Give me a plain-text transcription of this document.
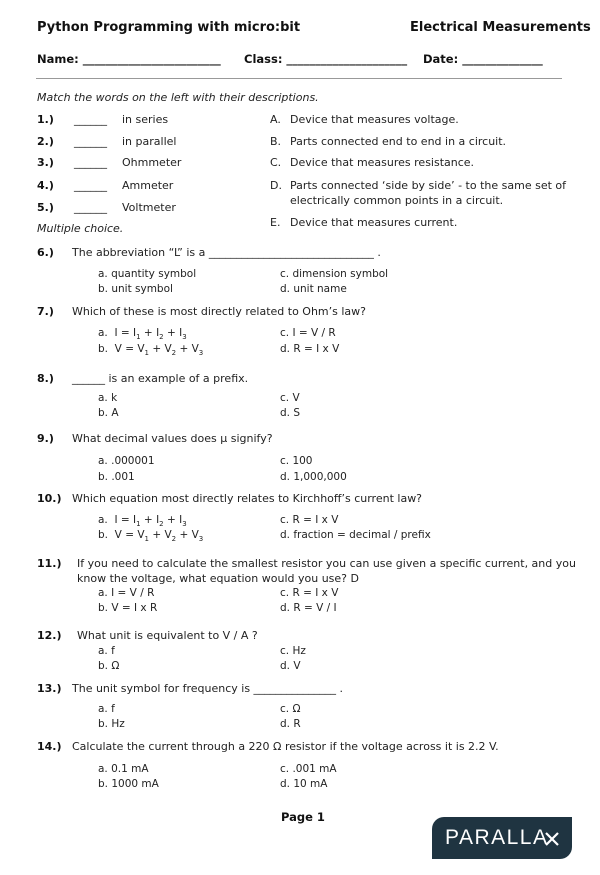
Python Programming with micro:bit	Electrical Measurements
Name: ________________________ Class: _____________________ Date: ______________
Match the words on the left with their descriptions.
1.) ______ in series
2.) ______ in parallel
3.) ______ Ohmmeter
4.) ______ Ammeter
5.) ______ Voltmeter
A. Device that measures voltage.
B. Parts connected end to end in a circuit.
C. Device that measures resistance.
D. Parts connected ‘side by side’ - to the same set of
electrically common points in a circuit.
E. Device that measures current.
Multiple choice.
6.) The abbreviation “L” is a ______________________________ .
a. quantity symbol
b. unit symbol
c. dimension symbol
d. unit name
7.) Which of these is most directly related to Ohm’s law?
a.  $I = I_1 + I_2 + I_3$
b.  $V = V_1 + V_2 + V_3$
c. I = V / R
d. R = I x V
8.) ______ is an example of a prefix.
a. k
b. A
c. V
d. S
9.) What decimal values does µ signify?
a. .000001
b. .001
c. 100
d. 1,000,000
10.) Which equation most directly relates to Kirchhoff’s current law?
a.  $I = I_1 + I_2 + I_3$
b.  $V = V_1 + V_2 + V_3$
c. R = I x V
d. fraction = decimal / prefix
11.) If you need to calculate the smallest resistor you can use given a specific current, and you
know the voltage, what equation would you use? D
a. I = V / R
b. V = I x R
c. R = I x V
d. R = V / I
12.) What unit is equivalent to V / A ?
a. f
b. Ω
c. Hz
d. V
13.) The unit symbol for frequency is _______________ .
a. f
b. Hz
c. Ω
d. R
14.) Calculate the current through a 220 Ω resistor if the voltage across it is 2.2 V.
a. 0.1 mA
b. 1000 mA
c. .001 mA
d. 10 mA
Page 1
PARALLA
